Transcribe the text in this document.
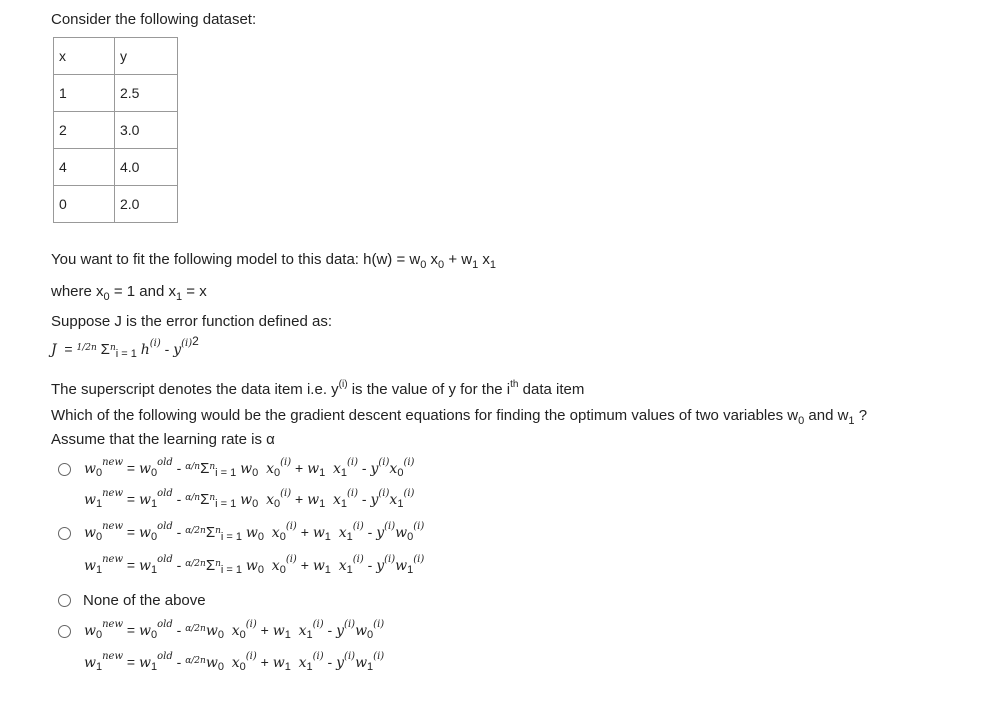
Consider the following dataset:
x	y
1	2.5
2	3.0
4	4.0
0	2.0
You want to fit the following model to this data: $h(w) = w_0$ $x_0 + w_1$ $x_1$
where $x_0 = 1$ and $x_1 = x$
Suppose J is the error function defined as:
J  = $^{1/2n}$ $\Sigma^n_{i = 1}$ $h^{(i)} - y^{(i)}2$
The superscript denotes the data item i.e. $y^{(i)}$ is the value of y for the $i^{th}$ data item
Which of the following would be the gradient descent equations for finding the optimum values of two variables $w_0$ and $w_1$ ?
Assume that the learning rate is α
$w_0^{new} = w_0^{old} - ^{\alpha/n}\Sigma^n_{i = 1}$ $w_0$ $x_0^{(i)} + w_1$ $x_1^{(i)} - y^{(i)}x_0^{(i)}$
$w_1^{new} = w_1^{old} - ^{\alpha/n}\Sigma^n_{i = 1}$ $w_0$ $x_0^{(i)} + w_1$ $x_1^{(i)} - y^{(i)}x_1^{(i)}$
$w_0^{new} = w_0^{old} - ^{\alpha/2n}\Sigma^n_{i = 1}$ $w_0$ $x_0^{(i)} + w_1$ $x_1^{(i)} - y^{(i)}w_0^{(i)}$
$w_1^{new} = w_1^{old} - ^{\alpha/2n}\Sigma^n_{i = 1}$ $w_0$ $x_0^{(i)} + w_1$ $x_1^{(i)} - y^{(i)}w_1^{(i)}$
None of the above
$w_0^{new} = w_0^{old} - ^{\alpha/2n}w_0$ $x_0^{(i)} + w_1$ $x_1^{(i)} - y^{(i)}w_0^{(i)}$
$w_1^{new} = w_1^{old} - ^{\alpha/2n}w_0$ $x_0^{(i)} + w_1$ $x_1^{(i)} - y^{(i)}w_1^{(i)}$
